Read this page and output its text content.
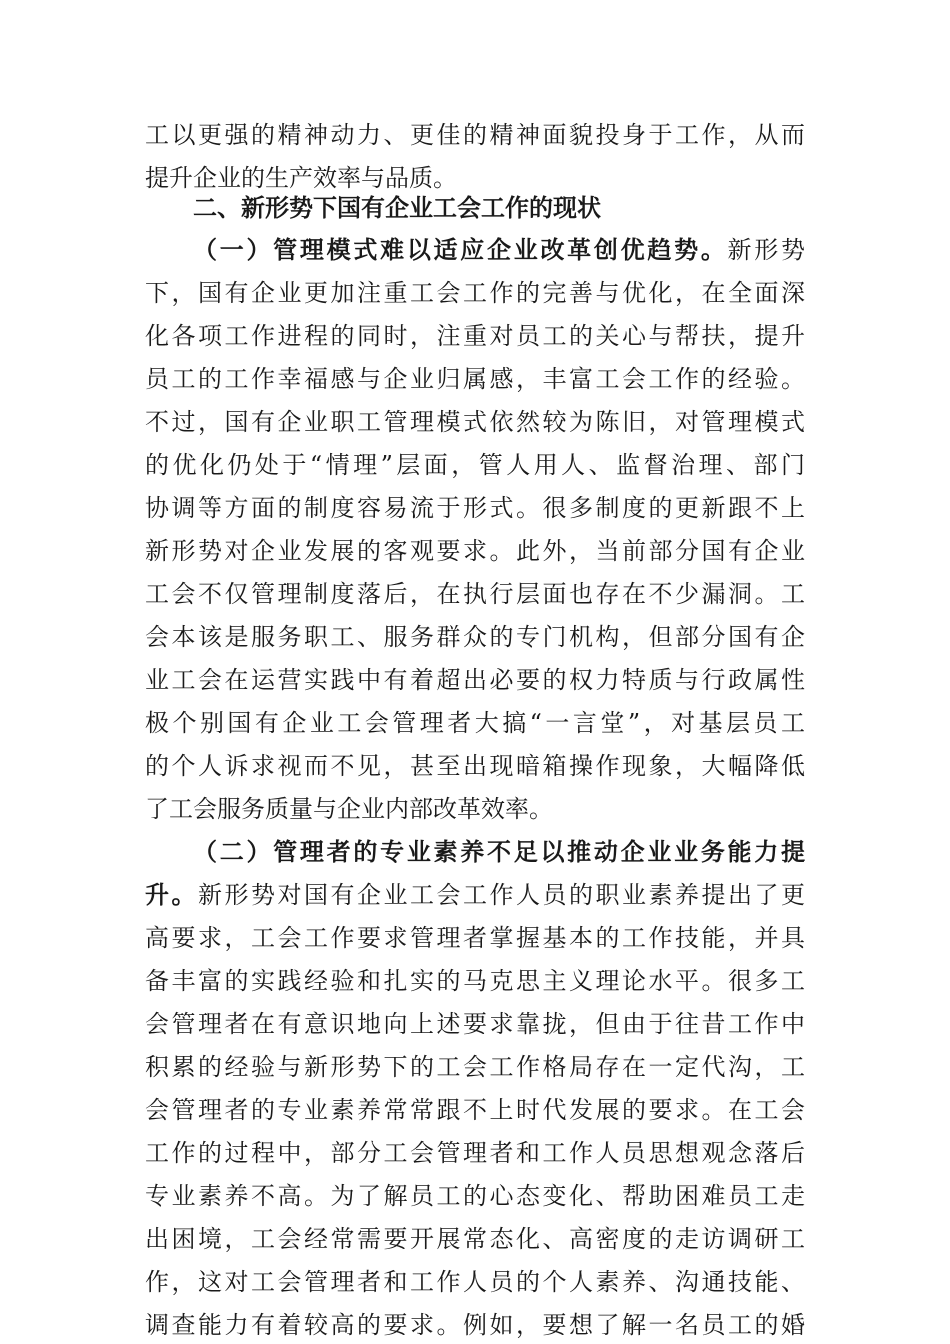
工以更强的精神动力、更佳的精神面貌投身于工作，从而
提升企业的生产效率与品质。
二、新形势下国有企业工会工作的现状
（一）管理模式难以适应企业改革创优趋势。新形势
下，国有企业更加注重工会工作的完善与优化，在全面深
化各项工作进程的同时，注重对员工的关心与帮扶，提升
员工的工作幸福感与企业归属感，丰富工会工作的经验。
不过，国有企业职工管理模式依然较为陈旧，对管理模式
的优化仍处于“情理”层面，管人用人、监督治理、部门
协调等方面的制度容易流于形式。很多制度的更新跟不上
新形势对企业发展的客观要求。此外，当前部分国有企业
工会不仅管理制度落后，在执行层面也存在不少漏洞。工
会本该是服务职工、服务群众的专门机构，但部分国有企
业工会在运营实践中有着超出必要的权力特质与行政属性
极个别国有企业工会管理者大搞“一言堂”，对基层员工
的个人诉求视而不见，甚至出现暗箱操作现象，大幅降低
了工会服务质量与企业内部改革效率。
（二）管理者的专业素养不足以推动企业业务能力提
升。新形势对国有企业工会工作人员的职业素养提出了更
高要求，工会工作要求管理者掌握基本的工作技能，并具
备丰富的实践经验和扎实的马克思主义理论水平。很多工
会管理者在有意识地向上述要求靠拢，但由于往昔工作中
积累的经验与新形势下的工会工作格局存在一定代沟，工
会管理者的专业素养常常跟不上时代发展的要求。在工会
工作的过程中，部分工会管理者和工作人员思想观念落后
专业素养不高。为了解员工的心态变化、帮助困难员工走
出困境，工会经常需要开展常态化、高密度的走访调研工
作，这对工会管理者和工作人员的个人素养、沟通技能、
调查能力有着较高的要求。例如，要想了解一名员工的婚
